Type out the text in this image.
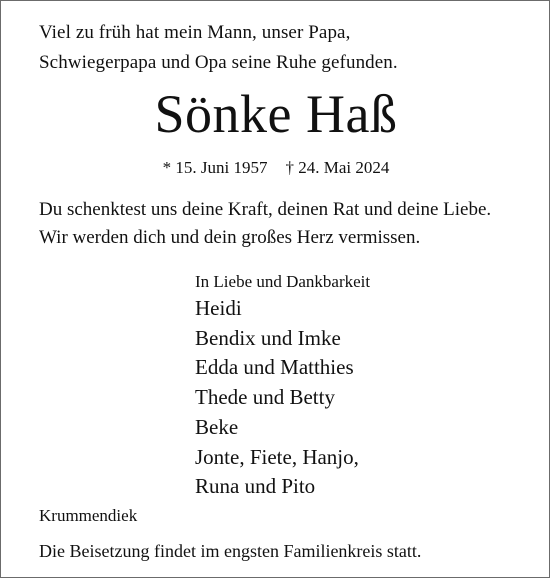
Viel zu früh hat mein Mann, unser Papa,
Schwiegerpapa und Opa seine Ruhe gefunden.
Sönke Haß
* 15. Juni 1957 † 24. Mai 2024
Du schenktest uns deine Kraft, deinen Rat und deine Liebe.
Wir werden dich und dein großes Herz vermissen.
In Liebe und Dankbarkeit
Heidi
Bendix und Imke
Edda und Matthies
Thede und Betty
Beke
Jonte, Fiete, Hanjo,
Runa und Pito
Krummendiek
Die Beisetzung findet im engsten Familienkreis statt.
